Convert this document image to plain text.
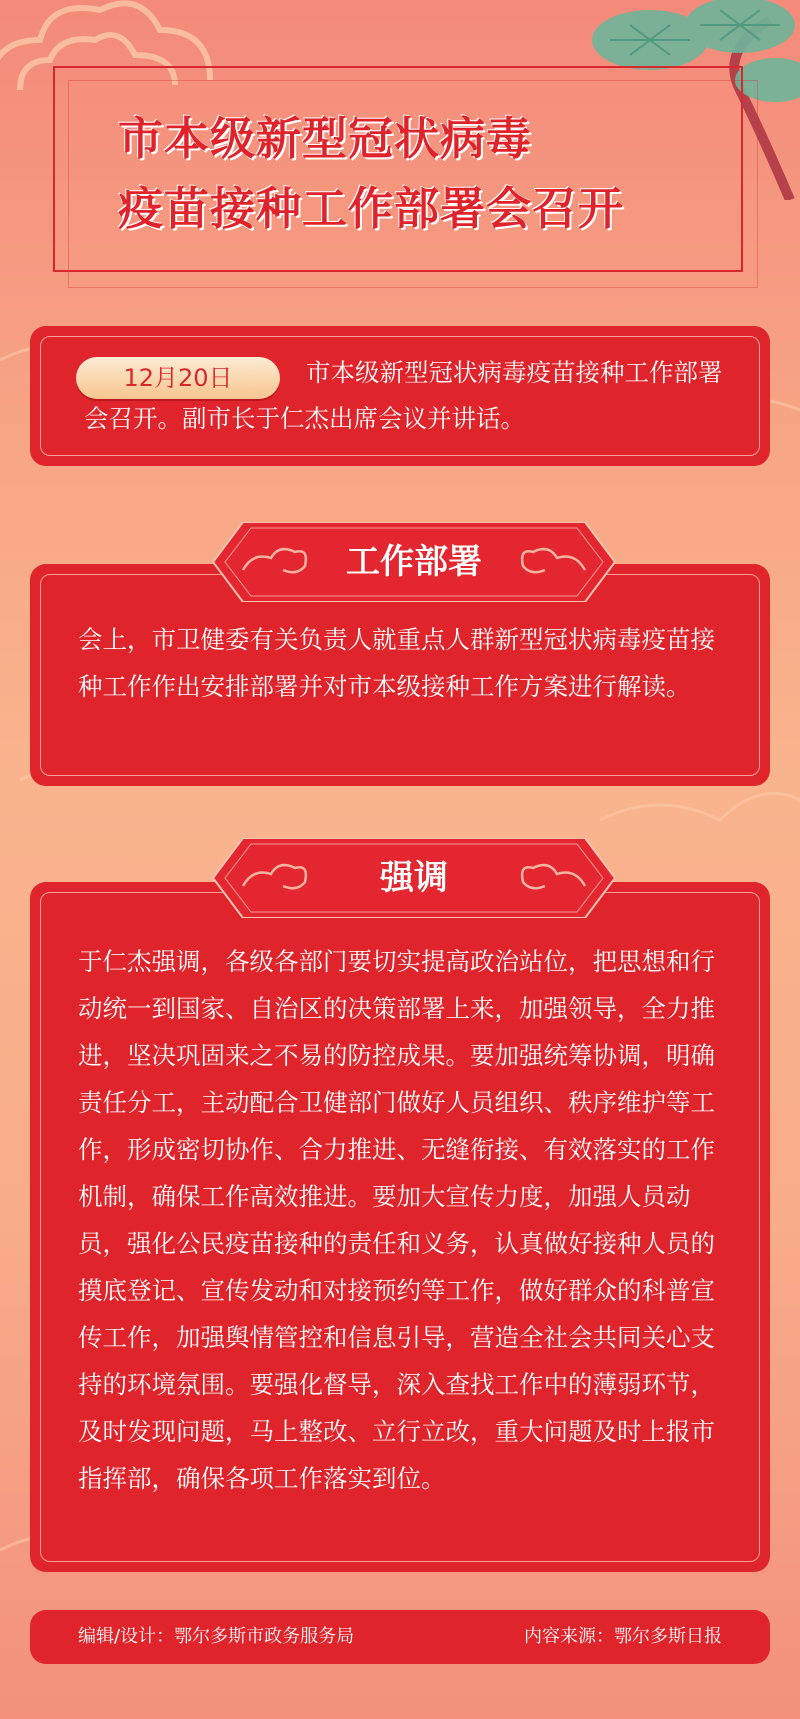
市本级新型冠状病毒
疫苗接种工作部署会召开
12月20日	市本级新型冠状病毒疫苗接种工作部署会召开。副市长于仁杰出席会议并讲话。

会上，市卫健委有关负责人就重点人群新型冠状病毒疫苗接种工作作出安排部署并对市本级接种工作方案进行解读。

工作部署

于仁杰强调，各级各部门要切实提高政治站位，把思想和行动统一到国家、自治区的决策部署上来，加强领导，全力推进，坚决巩固来之不易的防控成果。要加强统筹协调，明确责任分工，主动配合卫健部门做好人员组织、秩序维护等工作，形成密切协作、合力推进、无缝衔接、有效落实的工作机制，确保工作高效推进。要加大宣传力度，加强人员动员，强化公民疫苗接种的责任和义务，认真做好接种人员的摸底登记、宣传发动和对接预约等工作，做好群众的科普宣传工作，加强舆情管控和信息引导，营造全社会共同关心支持的环境氛围。要强化督导，深入查找工作中的薄弱环节，及时发现问题，马上整改、立行立改，重大问题及时上报市指挥部，确保各项工作落实到位。

强调
编辑/设计：鄂尔多斯市政务服务局	内容来源：鄂尔多斯日报
